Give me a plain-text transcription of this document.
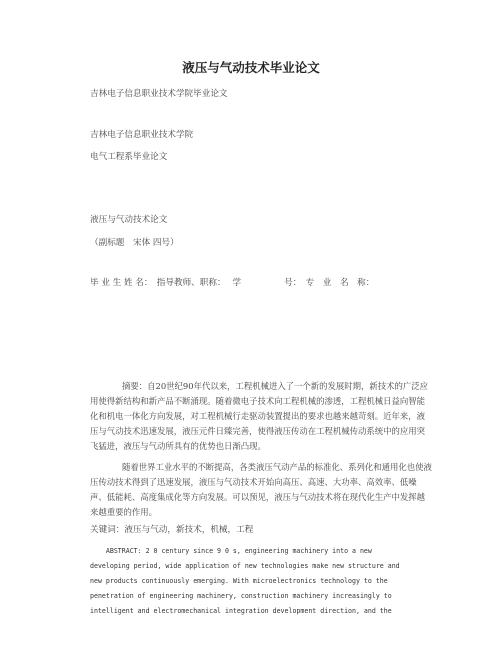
液压与气动技术毕业论文
吉林电子信息职业技术学院毕业论文
吉林电子信息职业技术学院
电气工程系毕业论文
液压与气动技术论文
（副标题　宋体 四号）
毕 业 生 姓 名：　指导教师、职称：　 学　　　　　号：　专　业　名　称：
摘要：自20世纪90年代以来，工程机械进入了一个新的发展时期，新技术的广泛应用使得新结构和新产品不断涌现。随着微电子技术向工程机械的渗透，工程机械日益向智能化和机电一体化方向发展，对工程机械行走驱动装置提出的要求也越来越苛刻。近年来，液压与气动技术迅速发展，液压元件日臻完善，使得液压传动在工程机械传动系统中的应用突飞猛进，液压与气动所具有的优势也日渐凸现。
随着世界工业水平的不断提高，各类液压气动产品的标准化、系列化和通用化也使液压传动技术得到了迅速发展，液压与气动技术开始向高压、高速、大功率、高效率、低噪声、低能耗、高度集成化等方向发展。可以预见，液压与气动技术将在现代化生产中发挥越来越重要的作用。
关键词：液压与气动，新技术，机械，工程
ABSTRACT: 2 0 century since 9 0 s, engineering machinery into a new
developing period, wide application of new technologies make new structure and
new products continuously emerging. With microelectronics technology to the
penetration of engineering machinery, construction machinery increasingly to
intelligent and electromechanical integration development direction, and the
